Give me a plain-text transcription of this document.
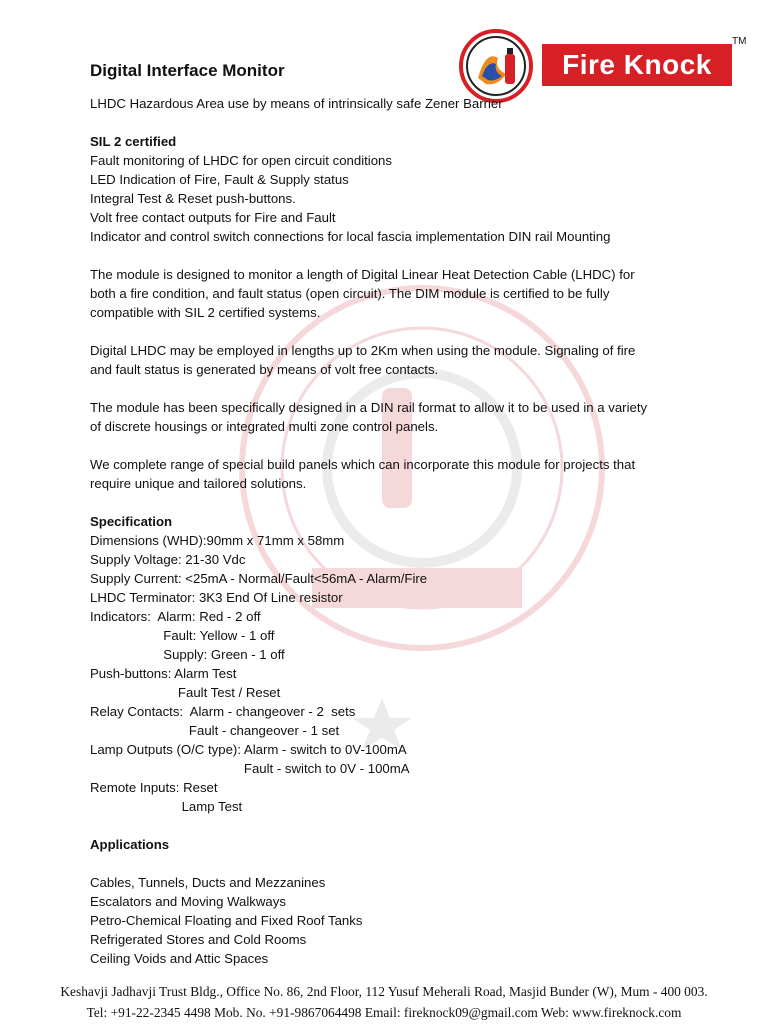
Fire Knock
TM
Digital Interface Monitor
LHDC Hazardous Area use by means of intrinsically safe Zener Barrier
SIL 2 certified
Fault monitoring of LHDC for open circuit conditions
LED Indication of Fire, Fault & Supply status
Integral Test & Reset push-buttons.
Volt free contact outputs for Fire and Fault
Indicator and control switch connections for local fascia implementation DIN rail Mounting
The module is designed to monitor a length of Digital Linear Heat Detection Cable (LHDC) for
both a fire condition, and fault status (open circuit). The DIM module is certified to be fully
compatible with SIL 2 certified systems.
Digital LHDC may be employed in lengths up to 2Km when using the module. Signaling of fire
and fault status is generated by means of volt free contacts.
The module has been specifically designed in a DIN rail format to allow it to be used in a variety
of discrete housings or integrated multi zone control panels.
We complete range of special build panels which can incorporate this module for projects that
require unique and tailored solutions.
Specification
Dimensions (WHD):90mm x 71mm x 58mm
Supply Voltage: 21-30 Vdc
Supply Current: <25mA - Normal/Fault<56mA - Alarm/Fire
LHDC Terminator: 3K3 End Of Line resistor
Indicators:  Alarm: Red - 2 off
Fault: Yellow - 1 off
Supply: Green - 1 off
Push-buttons: Alarm Test
Fault Test / Reset
Relay Contacts:  Alarm - changeover - 2  sets
Fault - changeover - 1 set
Lamp Outputs (O/C type): Alarm - switch to 0V-100mA
Fault - switch to 0V - 100mA
Remote Inputs: Reset
Lamp Test
Applications
Cables, Tunnels, Ducts and Mezzanines
Escalators and Moving Walkways
Petro-Chemical Floating and Fixed Roof Tanks
Refrigerated Stores and Cold Rooms
Ceiling Voids and Attic Spaces
Keshavji Jadhavji Trust Bldg., Office No. 86, 2nd Floor, 112 Yusuf Meherali Road, Masjid Bunder (W), Mum - 400 003.
Tel: +91-22-2345 4498 Mob. No. +91-9867064498 Email: fireknock09@gmail.com Web: www.fireknock.com
